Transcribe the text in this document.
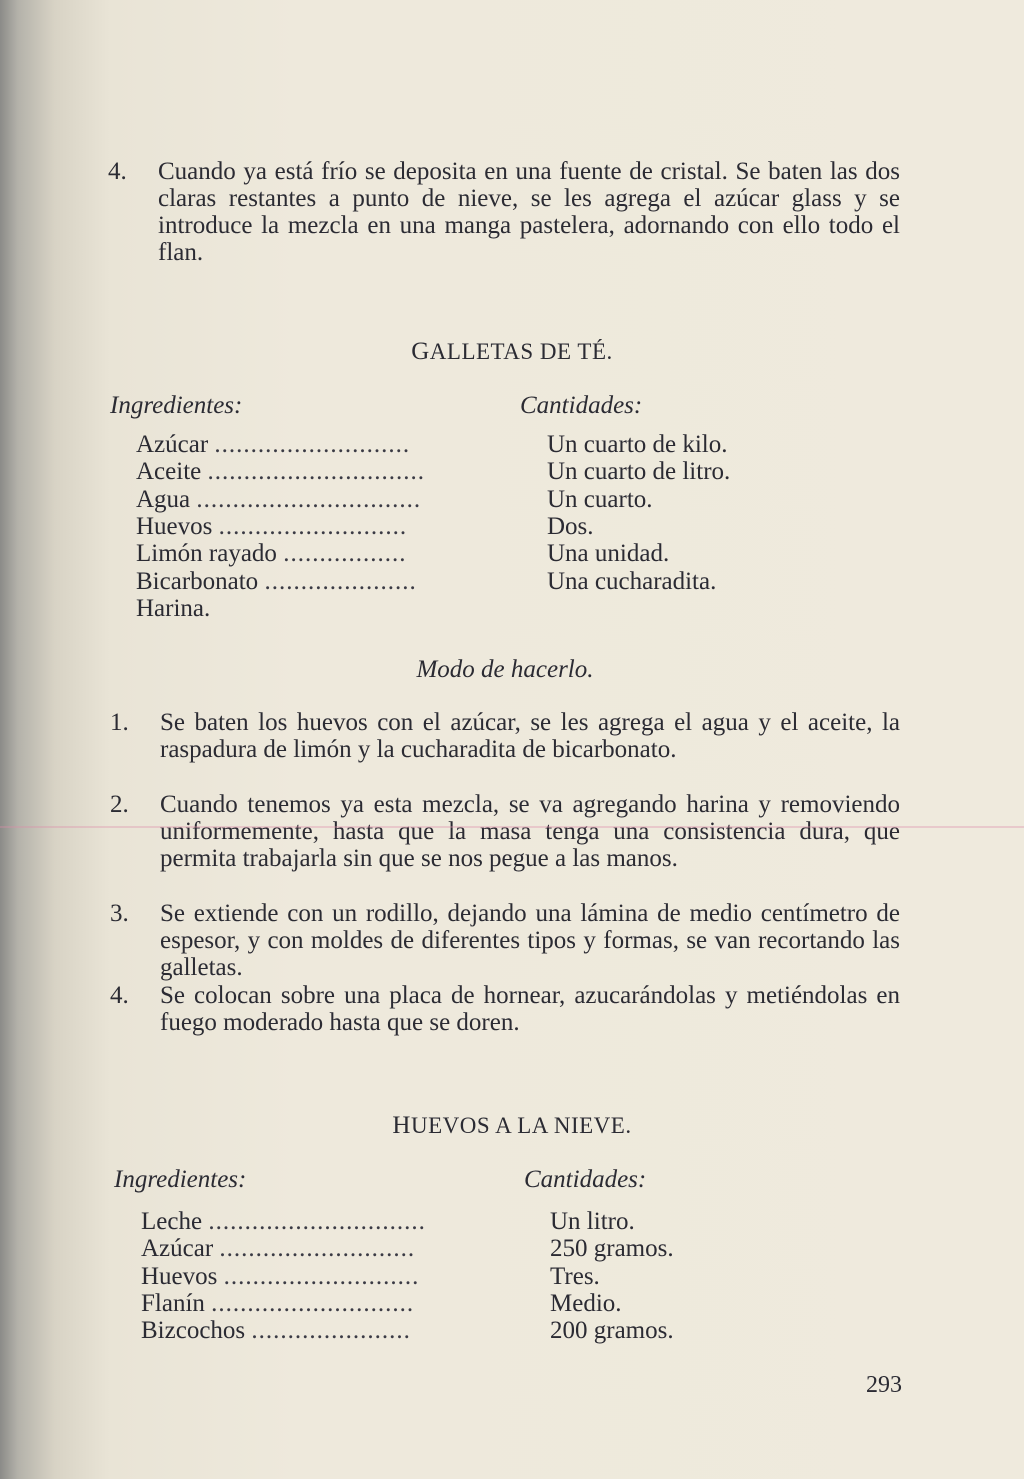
4.	Cuando ya está frío se deposita en una fuente de cristal. Se baten las dos claras restantes a punto de nieve, se les agrega el azúcar glass y se introduce la mezcla en una manga pastelera, adornando con ello todo el flan.
GALLETAS DE TÉ.
Ingredientes:	Cantidades:
Azúcar ...........................	Un cuarto de kilo.
Aceite ..............................	Un cuarto de litro.
Agua ...............................	Un cuarto.
Huevos ..........................	Dos.
Limón rayado .................	Una unidad.
Bicarbonato .....................	Una cucharadita.
Harina.
Modo de hacerlo.
1.	Se baten los huevos con el azúcar, se les agrega el agua y el aceite, la raspadura de limón y la cucharadita de bicarbonato.
2.	Cuando tenemos ya esta mezcla, se va agregando harina y removiendo uniformemente, hasta que la masa tenga una consistencia dura, que permita trabajarla sin que se nos pegue a las manos.
3.	Se extiende con un rodillo, dejando una lámina de medio centímetro de espesor, y con moldes de diferentes tipos y formas, se van recortando las galletas.
4.	Se colocan sobre una placa de hornear, azucarándolas y metiéndolas en fuego moderado hasta que se doren.
HUEVOS A LA NIEVE.
Ingredientes:	Cantidades:
Leche ..............................	Un litro.
Azúcar ...........................	250 gramos.
Huevos ...........................	Tres.
Flanín ............................	Medio.
Bizcochos ......................	200 gramos.
293
